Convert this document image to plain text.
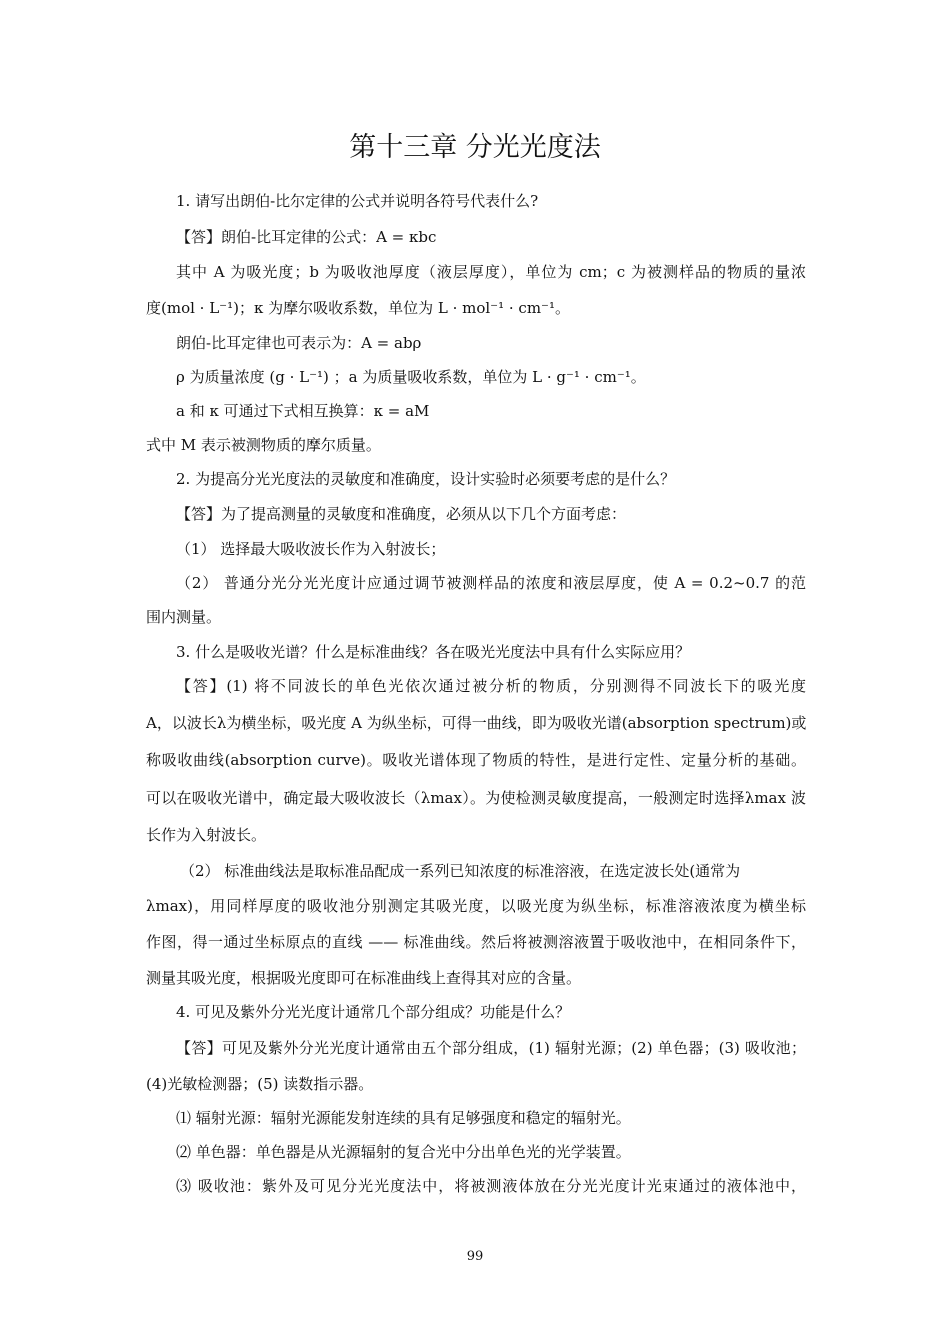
第十三章 分光光度法
1. 请写出朗伯-比尔定律的公式并说明各符号代表什么?
【答】朗伯-比耳定律的公式：A = κbc
其中 A 为吸光度；b 为吸收池厚度（液层厚度），单位为 cm；c 为被测样品的物质的量浓
度(mol · L⁻¹)；κ 为摩尔吸收系数，单位为 L · mol⁻¹ · cm⁻¹。
朗伯-比耳定律也可表示为：A = abρ
ρ 为质量浓度 (g · L⁻¹) ；a 为质量吸收系数，单位为 L · g⁻¹ · cm⁻¹。
a 和 κ 可通过下式相互换算：κ = aM
式中 M 表示被测物质的摩尔质量。
2. 为提高分光光度法的灵敏度和准确度，设计实验时必须要考虑的是什么？
【答】为了提高测量的灵敏度和准确度，必须从以下几个方面考虑：
（1） 选择最大吸收波长作为入射波长；
（2） 普通分光分光光度计应通过调节被测样品的浓度和液层厚度，使 A = 0.2~0.7 的范
围内测量。
3. 什么是吸收光谱？什么是标准曲线？各在吸光光度法中具有什么实际应用？
【答】(1) 将不同波长的单色光依次通过被分析的物质，分别测得不同波长下的吸光度
A，以波长λ为横坐标，吸光度 A 为纵坐标，可得一曲线，即为吸收光谱(absorption spectrum)或
称吸收曲线(absorption curve)。吸收光谱体现了物质的特性，是进行定性、定量分析的基础。
可以在吸收光谱中，确定最大吸收波长（λmax）。为使检测灵敏度提高，一般测定时选择λmax 波
长作为入射波长。
（2） 标准曲线法是取标准品配成一系列已知浓度的标准溶液，在选定波长处(通常为
λmax)，用同样厚度的吸收池分别测定其吸光度，以吸光度为纵坐标，标准溶液浓度为横坐标
作图，得一通过坐标原点的直线 —— 标准曲线。然后将被测溶液置于吸收池中，在相同条件下，
测量其吸光度，根据吸光度即可在标准曲线上查得其对应的含量。
4. 可见及紫外分光光度计通常几个部分组成？功能是什么？
【答】可见及紫外分光光度计通常由五个部分组成，(1) 辐射光源；(2) 单色器；(3) 吸收池；
(4)光敏检测器；(5) 读数指示器。
⑴ 辐射光源：辐射光源能发射连续的具有足够强度和稳定的辐射光。
⑵ 单色器：单色器是从光源辐射的复合光中分出单色光的光学装置。
⑶ 吸收池：紫外及可见分光光度法中，将被测液体放在分光光度计光束通过的液体池中，
99
